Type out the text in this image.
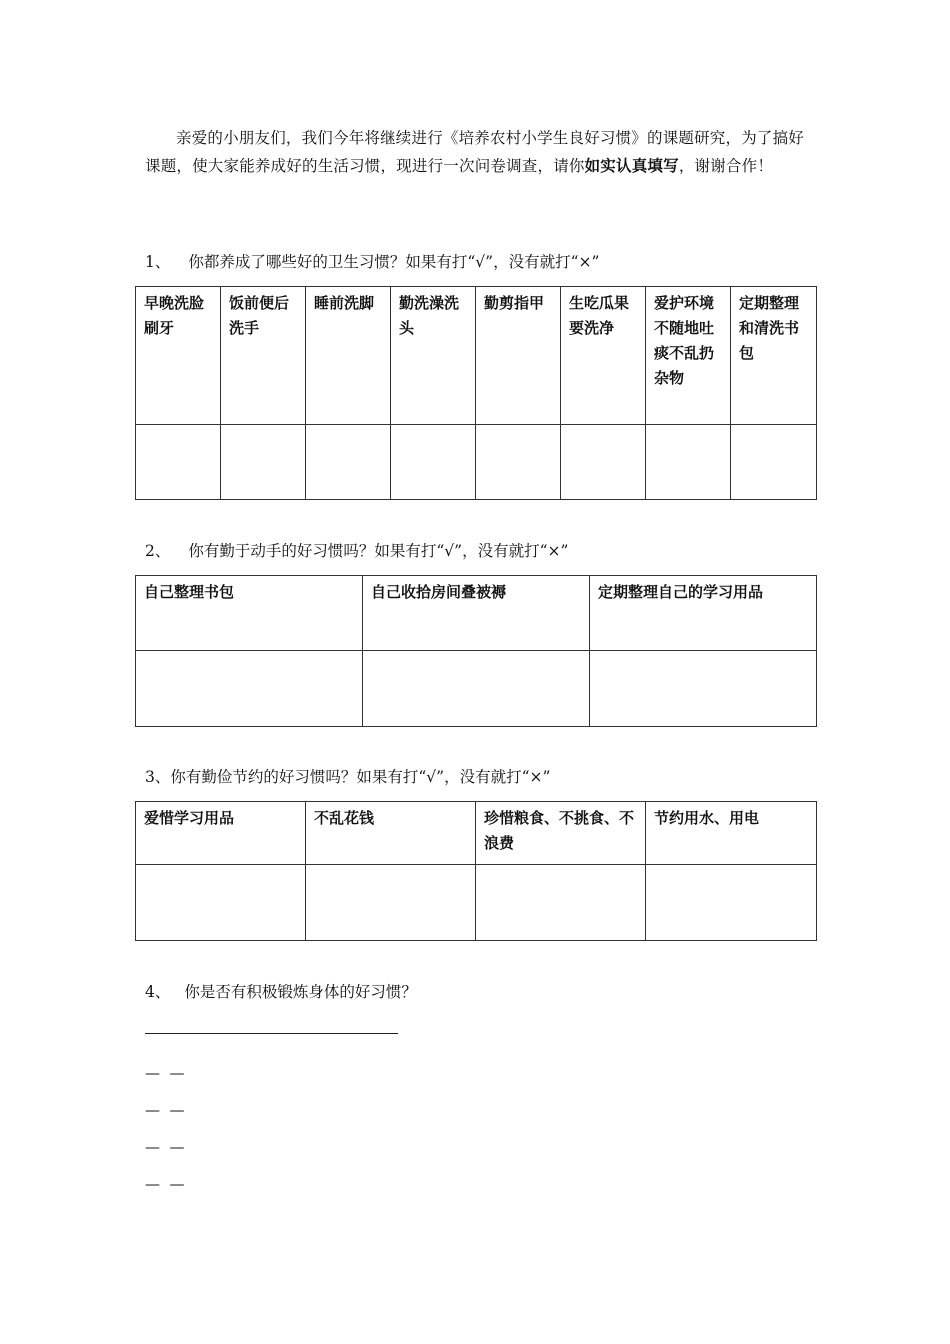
亲爱的小朋友们，我们今年将继续进行《培养农村小学生良好习惯》的课题研究，为了搞好课题，使大家能养成好的生活习惯，现进行一次问卷调查，请你如实认真填写，谢谢合作！

1、 你都养成了哪些好的卫生习惯？如果有打“√”，没有就打“×”
早晚洗脸刷牙	饭前便后洗手	睡前洗脚	勤洗澡洗头	勤剪指甲	生吃瓜果要洗净	爱护环境不随地吐痰不乱扔杂物	定期整理和清洗书包

2、 你有勤于动手的好习惯吗？如果有打“√”，没有就打“×”
自己整理书包	自己收拾房间叠被褥	定期整理自己的学习用品

3、你有勤俭节约的好习惯吗？如果有打“√”，没有就打“×”
爱惜学习用品	不乱花钱	珍惜粮食、不挑食、不浪费	节约用水、用电

4、 你是否有积极锻炼身体的好习惯？
—  —
—  —
—  —
—  —
